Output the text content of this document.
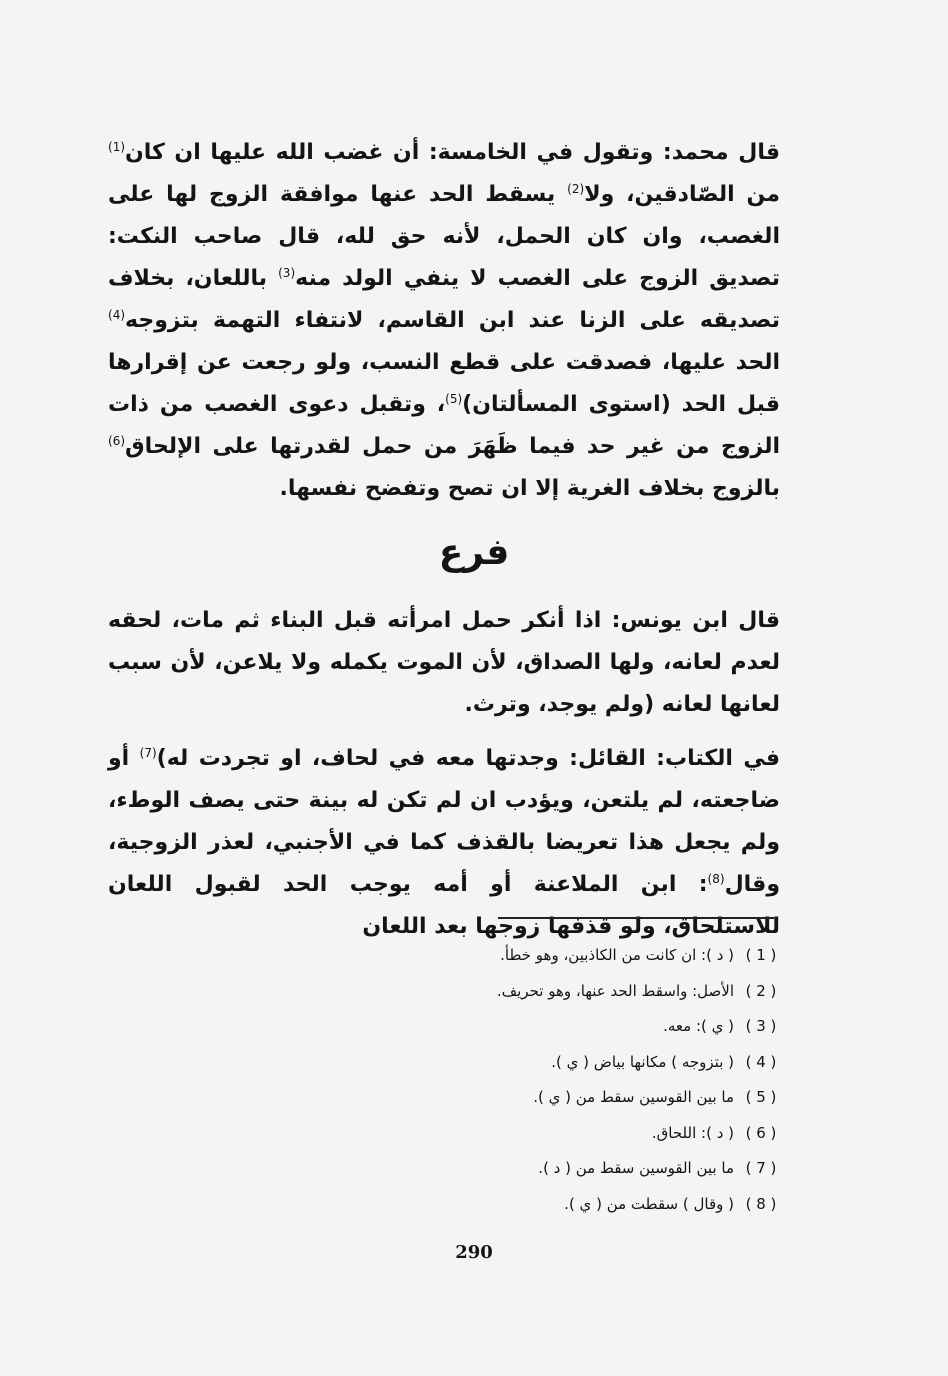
قال محمد: وتقول في الخامسة: أن غضب الله عليها ان كان$^{(1)}$ من الصّادقين، ولا$^{(2)}$ يسقط الحد عنها موافقة الزوج لها على الغصب، وان كان الحمل، لأنه حق لله، قال صاحب النكت: تصديق الزوج على الغصب لا ينفي الولد منه$^{(3)}$ باللعان، بخلاف تصديقه على الزنا عند ابن القاسم، لانتفاء التهمة بتزوجه$^{(4)}$ الحد عليها، فصدقت على قطع النسب، ولو رجعت عن إقرارها قبل الحد (استوى المسألتان)$^{(5)}$، وتقبل دعوى الغصب من ذات الزوج من غير حد فيما ظَهَرَ من حمل لقدرتها على الإلحاق$^{(6)}$ بالزوج بخلاف الغرية إلا ان تصح وتفضح نفسها.
فرع
قال ابن يونس: اذا أنكر حمل امرأته قبل البناء ثم مات، لحقه لعدم لعانه، ولها الصداق، لأن الموت يكمله ولا يلاعن، لأن سبب لعانها لعانه (ولم يوجد، وترث.
في الكتاب: القائل: وجدتها معه في لحاف، او تجردت له)$^{(7)}$ أو ضاجعته، لم يلتعن، ويؤدب ان لم تكن له بينة حتى يصف الوطء، ولم يجعل هذا تعريضا بالقذف كما في الأجنبي، لعذر الزوجية، وقال$^{(8)}$: ابن الملاعنة أو أمه يوجب الحد لقبول اللعان للاستلحاق، ولو قذفها زوجها بعد اللعان
( 1 )( د ): ان كانت من الكاذبين، وهو خطأ.
( 2 )الأصل: واسقط الحد عنها، وهو تحريف.
( 3 )( ي ): معه.
( 4 )( بتزوجه ) مكانها بياض ( ي ).
( 5 )ما بين القوسين سقط من ( ي ).
( 6 )( د ): اللحاق.
( 7 )ما بين القوسين سقط من ( د ).
( 8 )( وقال ) سقطت من ( ي ).
290
